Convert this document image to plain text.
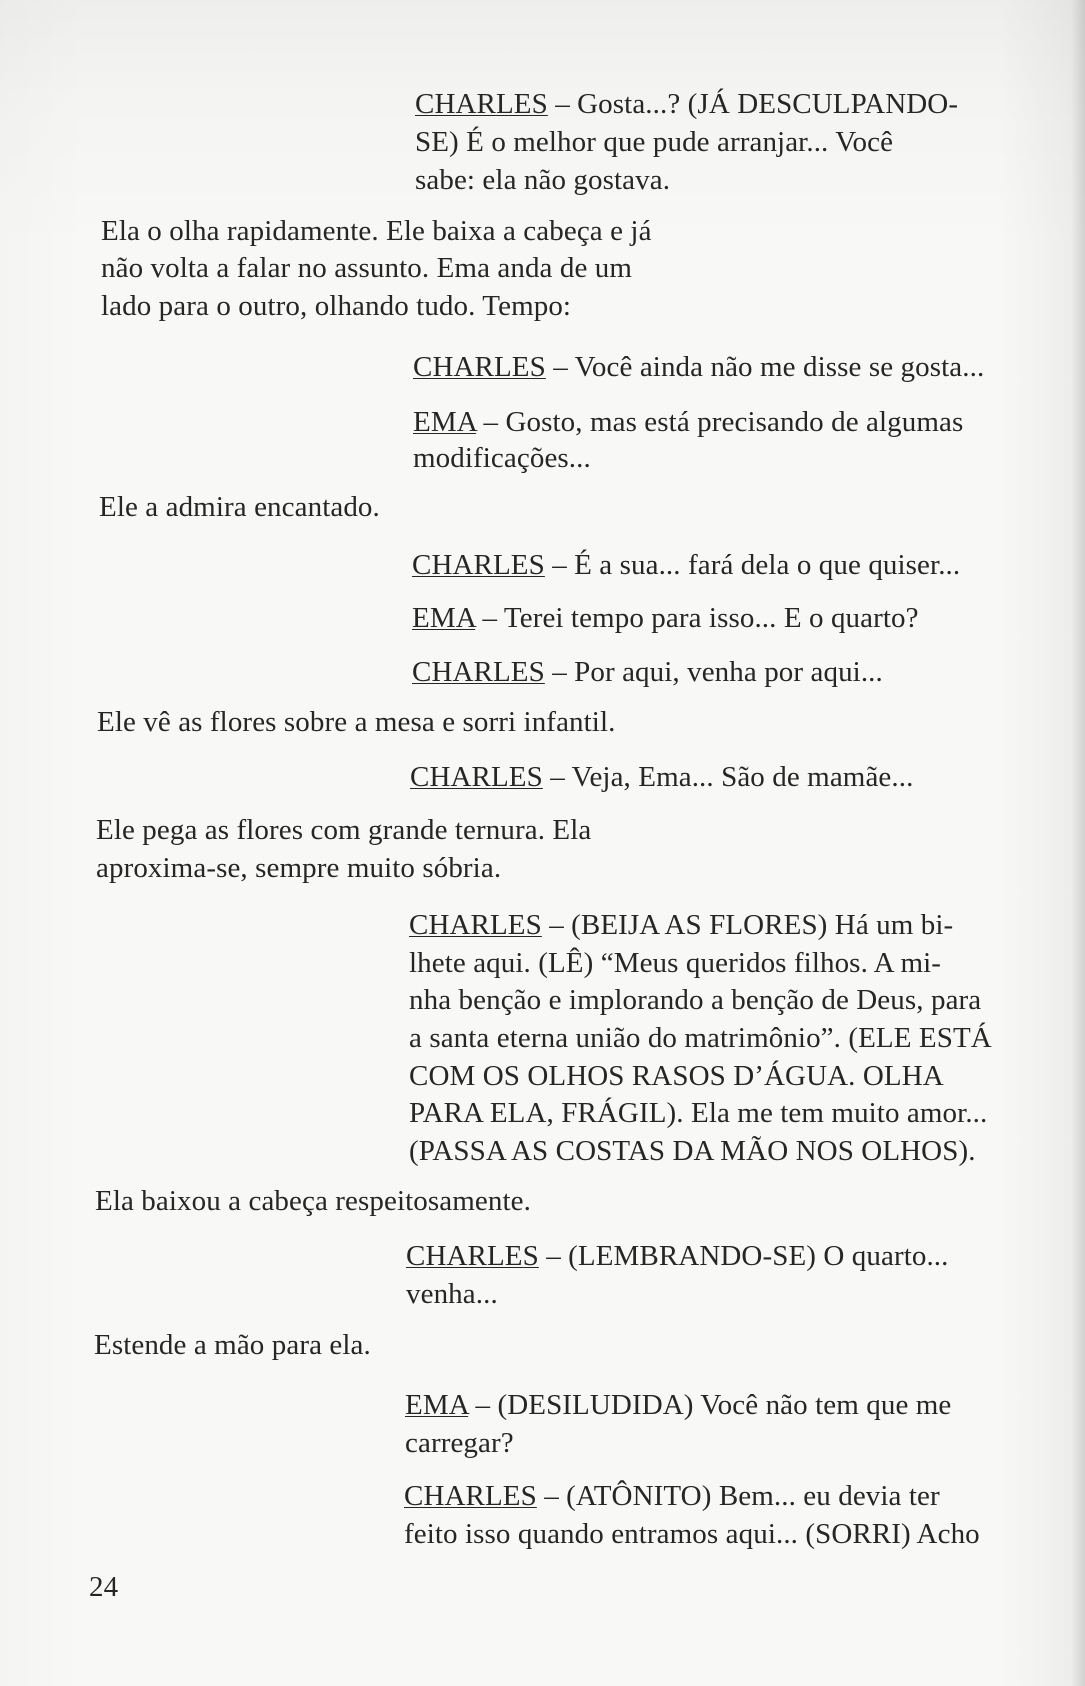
CHARLES – Gosta...? (JÁ DESCULPANDO-
SE) É o melhor que pude arranjar... Você
sabe: ela não gostava.
Ela o olha rapidamente. Ele baixa a cabeça e já
não volta a falar no assunto. Ema anda de um
lado para o outro, olhando tudo. Tempo:
CHARLES – Você ainda não me disse se gosta...
EMA – Gosto, mas está precisando de algumas
modificações...
Ele a admira encantado.
CHARLES – É a sua... fará dela o que quiser...
EMA – Terei tempo para isso... E o quarto?
CHARLES – Por aqui, venha por aqui...
Ele vê as flores sobre a mesa e sorri infantil.
CHARLES – Veja, Ema... São de mamãe...
Ele pega as flores com grande ternura. Ela
aproxima-se, sempre muito sóbria.
CHARLES – (BEIJA AS FLORES) Há um bi-
lhete aqui. (LÊ) “Meus queridos filhos. A mi-
nha benção e implorando a benção de Deus, para
a santa eterna união do matrimônio”. (ELE ESTÁ
COM OS OLHOS RASOS D’ÁGUA. OLHA
PARA ELA, FRÁGIL). Ela me tem muito amor...
(PASSA AS COSTAS DA MÃO NOS OLHOS).
Ela baixou a cabeça respeitosamente.
CHARLES – (LEMBRANDO-SE) O quarto...
venha...
Estende a mão para ela.
EMA – (DESILUDIDA) Você não tem que me
carregar?
CHARLES – (ATÔNITO) Bem... eu devia ter
feito isso quando entramos aqui... (SORRI) Acho
24
